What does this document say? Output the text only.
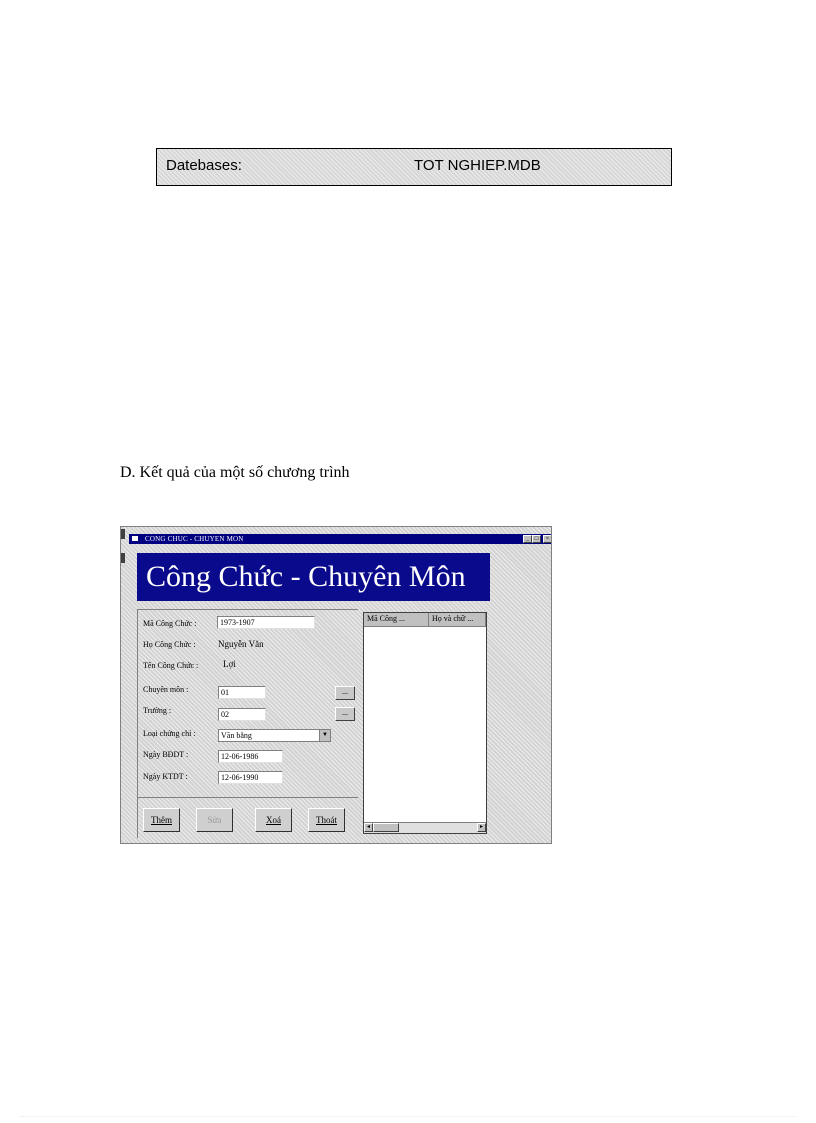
Datebases:	TOT NGHIEP.MDB
D. Kết quả của một số chương trình
CONG CHUC - CHUYEN MON	_ □	×
Công Chức - Chuyên Môn
Mã Công Chức :	1973-1907
Họ Công Chức : Nguyễn Văn
Tên Công Chức :	Lợi
Chuyên môn :	01	...
Trường :	02	...
Loại chứng chỉ :	Văn bằng	▼
Ngày BĐDT :	12-06-1986
Ngày KTDT :	12-06-1990
Thêm	Sửa	Xoá	Thoát
Mã Công ...	Họ và chữ ...
◂	▸
